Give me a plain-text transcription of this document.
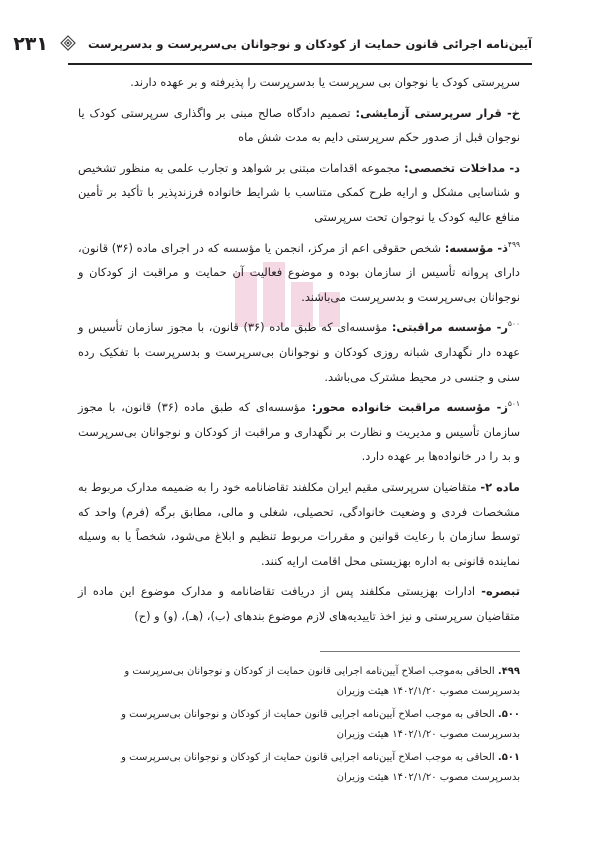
آیین‌نامه اجرائی قانون حمایت از کودکان و نوجوانان بی‌سرپرست و بدسرپرست
۲۳۱

سرپرستی کودک یا نوجوان بی سرپرست یا بدسرپرست را پذیرفته و بر عهده دارند.

خ- قرار سرپرستی آزمایشی: تصمیم دادگاه صالح مبنی بر واگذاری سرپرستی کودک یا نوجوان قبل از صدور حکم سرپرستی دایم به مدت شش ماه

د- مداخلات تخصصی: مجموعه اقدامات مبتنی بر شواهد و تجارب علمی به منظور تشخیص و شناسایی مشکل و ارایه طرح کمکی متناسب با شرایط خانواده فرزندپذیر با تأکید بر تأمین منافع عالیه کودک یا نوجوان تحت سرپرستی

$^{۴۹۹}$ذ- مؤسسه: شخص حقوقی اعم از مرکز، انجمن یا مؤسسه که در اجرای ماده (۳۶) قانون، دارای پروانه تأسیس از سازمان بوده و موضوع فعالیت آن حمایت و مراقبت از کودکان و نوجوانان بی‌سرپرست و بدسرپرست می‌باشند.

$^{۵۰۰}$ر- مؤسسه مراقبتی: مؤسسه‌ای که طبق ماده (۳۶) قانون، با مجوز سازمان تأسیس و عهده دار نگهداری شبانه روزی کودکان و نوجوانان بی‌سرپرست و بدسرپرست با تفکیک رده سنی و جنسی در محیط مشترک می‌باشد.

$^{۵۰۱}$ز- مؤسسه مراقبت خانواده محور: مؤسسه‌ای که طبق ماده (۳۶) قانون، با مجوز سازمان تأسیس و مدیریت و نظارت بر نگهداری و مراقبت از کودکان و نوجوانان بی‌سرپرست و بد را در خانواده‌ها بر عهده دارد.

ماده ۲- متقاضیان سرپرستی مقیم ایران مکلفند تقاضانامه خود را به ضمیمه مدارک مربوط به مشخصات فردی و وضعیت خانوادگی، تحصیلی، شغلی و مالی، مطابق برگه (فرم) واحد که توسط سازمان با رعایت قوانین و مقررات مربوط تنظیم و ابلاغ می‌شود، شخصاً یا به وسیله نماینده قانونی به اداره بهزیستی محل اقامت ارایه کنند.

تبصره- ادارات بهزیستی مکلفند پس از دریافت تقاضانامه و مدارک موضوع این ماده از متقاضیان سرپرستی و نیز اخذ تاییدیه‌های لازم موضوع بندهای (ب)، (هـ)، (و) و (ح)

۴۹۹. الحاقی به‌موجب اصلاح آیین‌نامه اجرایی قانون حمایت از کودکان و نوجوانان بی‌سرپرست و بدسرپرست مصوب ۱۴۰۲/۱/۲۰ هیئت وزیران
۵۰۰. الحاقی به موجب اصلاح آیین‌نامه اجرایی قانون حمایت از کودکان و نوجوانان بی‌سرپرست و بدسرپرست مصوب ۱۴۰۲/۱/۲۰ هیئت وزیران
۵۰۱. الحاقی به موجب اصلاح آیین‌نامه اجرایی قانون حمایت از کودکان و نوجوانان بی‌سرپرست و بدسرپرست مصوب ۱۴۰۲/۱/۲۰ هیئت وزیران
